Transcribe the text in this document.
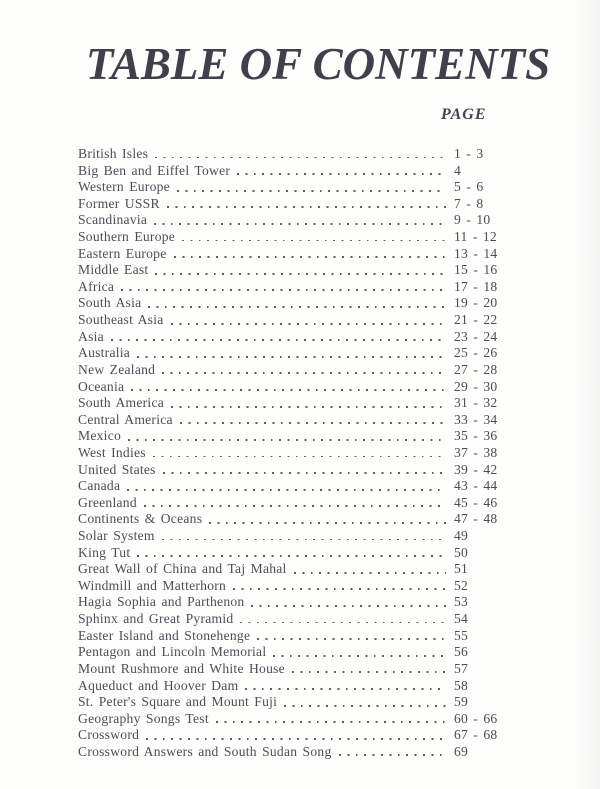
TABLE OF CONTENTS
PAGE
British Isles	1 - 3
Big Ben and Eiffel Tower	4
Western Europe	5 - 6
Former USSR	7 - 8
Scandinavia	9 - 10
Southern Europe	11 - 12
Eastern Europe	13 - 14
Middle East	15 - 16
Africa	17 - 18
South Asia	19 - 20
Southeast Asia	21 - 22
Asia	23 - 24
Australia	25 - 26
New Zealand	27 - 28
Oceania	29 - 30
South America	31 - 32
Central America	33 - 34
Mexico	35 - 36
West Indies	37 - 38
United States	39 - 42
Canada	43 - 44
Greenland	45 - 46
Continents & Oceans	47 - 48
Solar System	49
King Tut	50
Great Wall of China and Taj Mahal	51
Windmill and Matterhorn	52
Hagia Sophia and Parthenon	53
Sphinx and Great Pyramid	54
Easter Island and Stonehenge	55
Pentagon and Lincoln Memorial	56
Mount Rushmore and White House	57
Aqueduct and Hoover Dam	58
St. Peter's Square and Mount Fuji	59
Geography Songs Test	60 - 66
Crossword	67 - 68
Crossword Answers and South Sudan Song	69
